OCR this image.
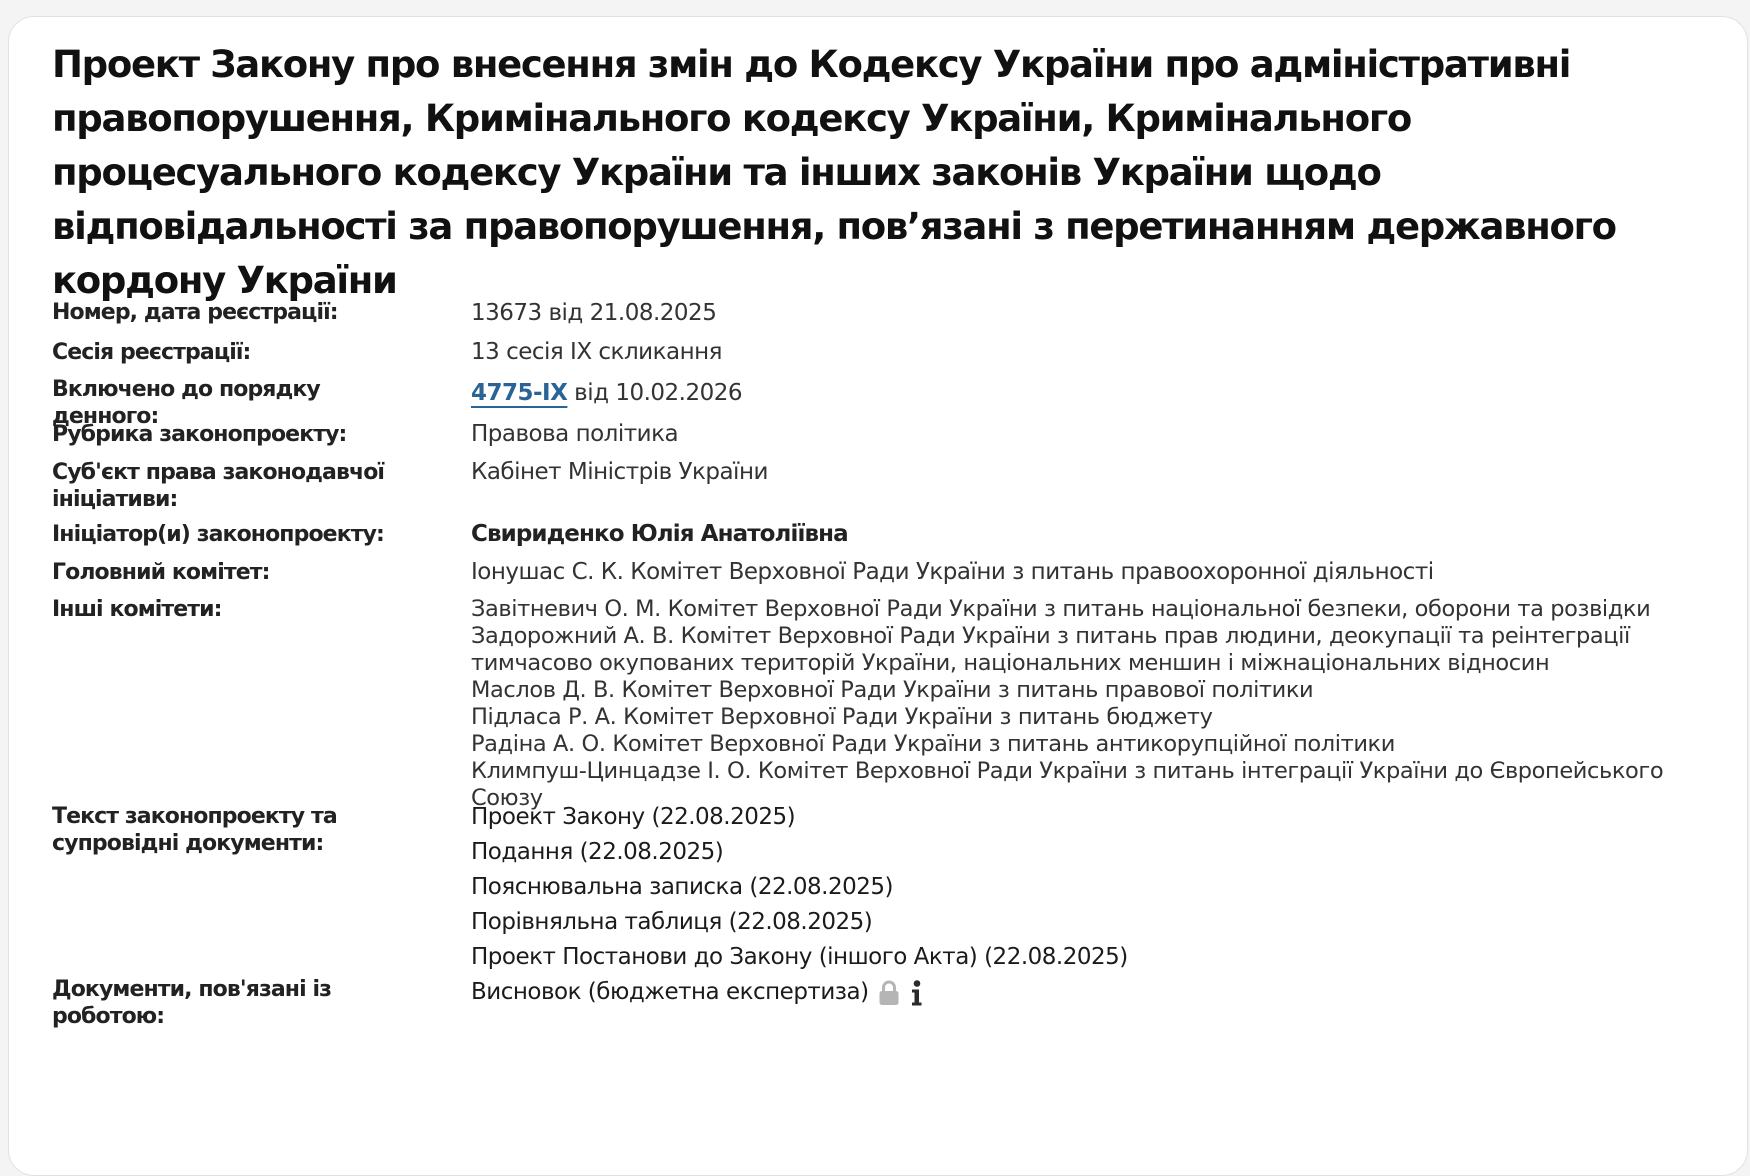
Проект Закону про внесення змін до Кодексу України про адміністративні правопорушення, Кримінального кодексу України, Кримінального процесуального кодексу України та інших законів України щодо відповідальності за правопорушення, пов’язані з перетинанням державного кордону України
Номер, дата реєстрації:	13673 від 21.08.2025
Сесія реєстрації:	13 сесія IX скликання
Включено до порядку денного:
4775-IX від 10.02.2026
Рубрика законопроекту:	Правова політика
Суб'єкт права законодавчої ініціативи:
Кабінет Міністрів України
Ініціатор(и) законопроекту:	Свириденко Юлія Анатоліївна
Головний комітет:	Іонушас С. К. Комітет Верховної Ради України з питань правоохоронної діяльності
Інші комітети:	Завітневич О. М. Комітет Верховної Ради України з питань національної безпеки, оборони та розвідки
Задорожний А. В. Комітет Верховної Ради України з питань прав людини, деокупації та реінтеграції
тимчасово окупованих територій України, національних меншин і міжнаціональних відносин
Маслов Д. В. Комітет Верховної Ради України з питань правової політики
Підласа Р. А. Комітет Верховної Ради України з питань бюджету
Радіна А. О. Комітет Верховної Ради України з питань антикорупційної політики
Климпуш-Цинцадзе І. О. Комітет Верховної Ради України з питань інтеграції України до Європейського
Союзу
Текст законопроекту та супровідні документи:
Проект Закону (22.08.2025)
Подання (22.08.2025)
Пояснювальна записка (22.08.2025)
Порівняльна таблиця (22.08.2025)
Проект Постанови до Закону (іншого Акта) (22.08.2025)
Документи, пов'язані із роботою:
Висновок (бюджетна експертиза)
